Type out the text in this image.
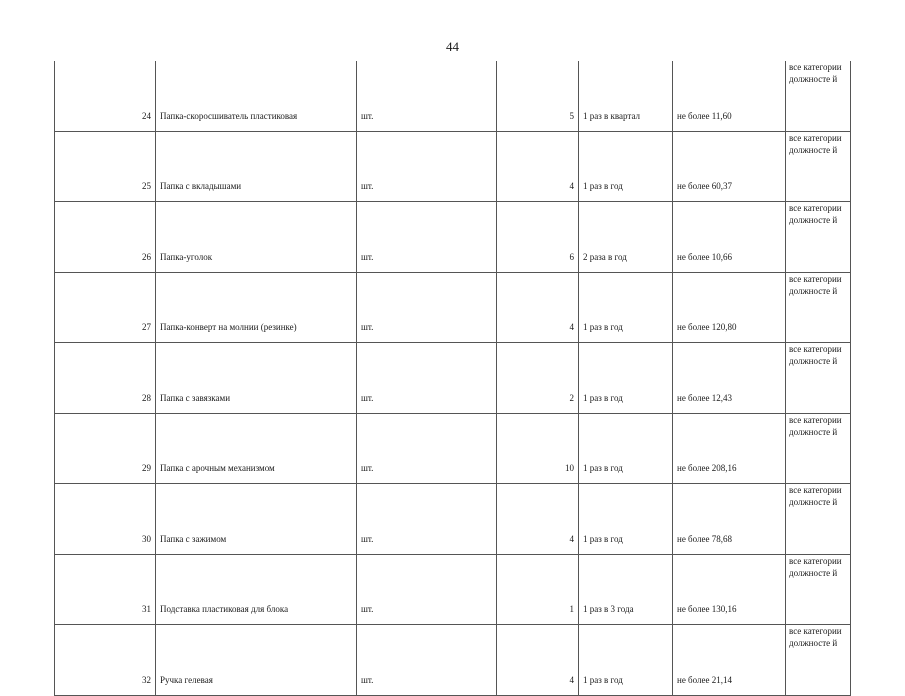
44
24	Папка-скоросшиватель пластиковая	шт.	5	1 раз в квартал	не более 11,60	все категории должносте й
25	Папка с вкладышами	шт.	4	1 раз в год	не более 60,37	все категории должносте й
26	Папка-уголок	шт.	6	2 раза в год	не более 10,66	все категории должносте й
27	Папка-конверт на молнии (резинке)	шт.	4	1 раз в год	не более 120,80	все категории должносте й
28	Папка с завязками	шт.	2	1 раз в год	не более 12,43	все категории должносте й
29	Папка с арочным механизмом	шт.	10	1 раз в год	не более 208,16	все категории должносте й
30	Папка с зажимом	шт.	4	1 раз в год	не более 78,68	все категории должносте й
31	Подставка пластиковая для блока	шт.	1	1 раз в 3 года	не более 130,16	все категории должносте й
32	Ручка гелевая	шт.	4	1 раз в год	не более 21,14	все категории должносте й
